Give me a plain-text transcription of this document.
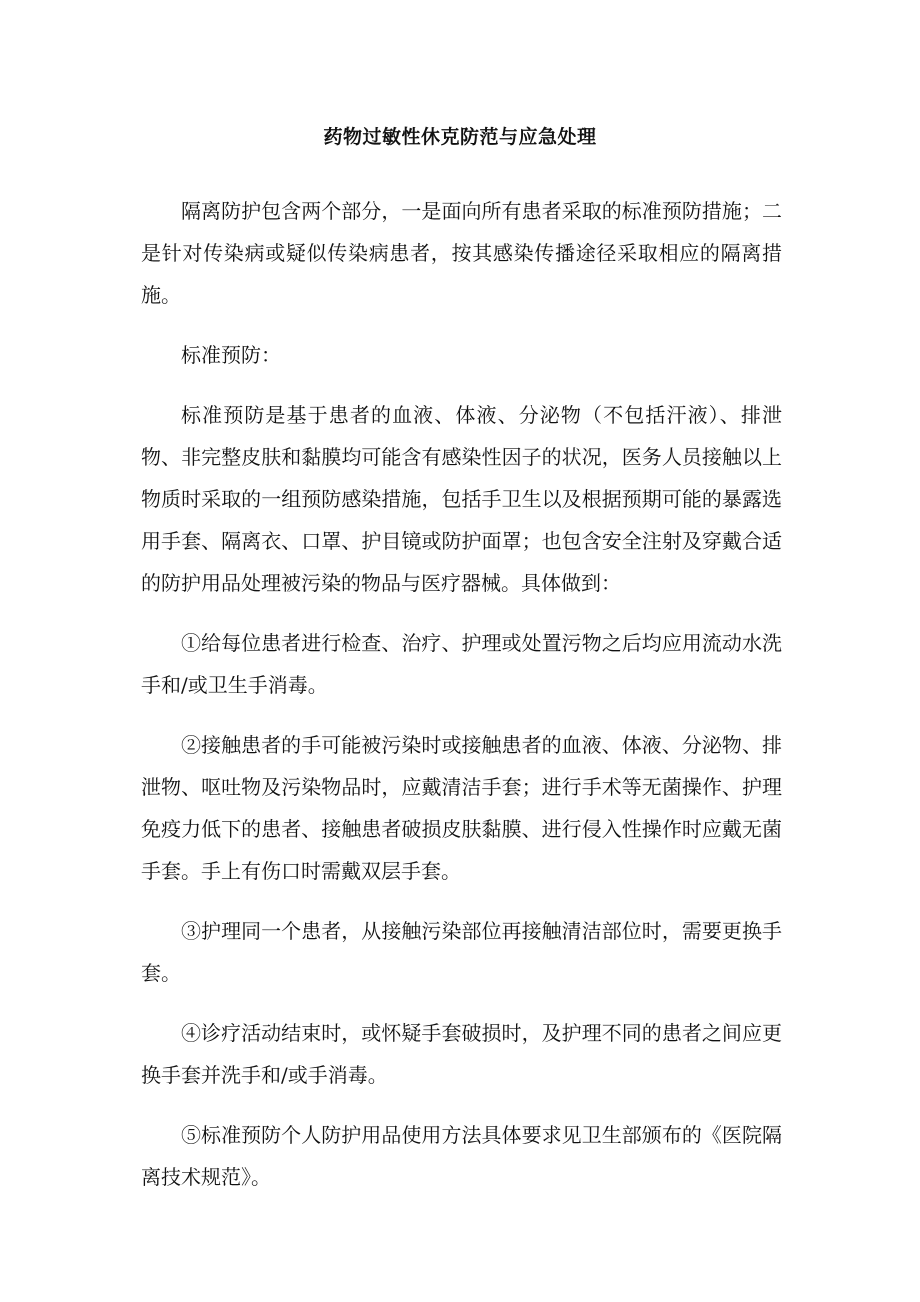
药物过敏性休克防范与应急处理

隔离防护包含两个部分，一是面向所有患者采取的标准预防措施；二是针对传染病或疑似传染病患者，按其感染传播途径采取相应的隔离措施。

标准预防：

标准预防是基于患者的血液、体液、分泌物（不包括汗液）、排泄物、非完整皮肤和黏膜均可能含有感染性因子的状况，医务人员接触以上物质时采取的一组预防感染措施，包括手卫生以及根据预期可能的暴露选用手套、隔离衣、口罩、护目镜或防护面罩；也包含安全注射及穿戴合适的防护用品处理被污染的物品与医疗器械。具体做到：

①给每位患者进行检查、治疗、护理或处置污物之后均应用流动水洗手和/或卫生手消毒。

②接触患者的手可能被污染时或接触患者的血液、体液、分泌物、排泄物、呕吐物及污染物品时，应戴清洁手套；进行手术等无菌操作、护理免疫力低下的患者、接触患者破损皮肤黏膜、进行侵入性操作时应戴无菌手套。手上有伤口时需戴双层手套。

③护理同一个患者，从接触污染部位再接触清洁部位时，需要更换手套。

④诊疗活动结束时，或怀疑手套破损时，及护理不同的患者之间应更换手套并洗手和/或手消毒。

⑤标准预防个人防护用品使用方法具体要求见卫生部颁布的《医院隔离技术规范》。
